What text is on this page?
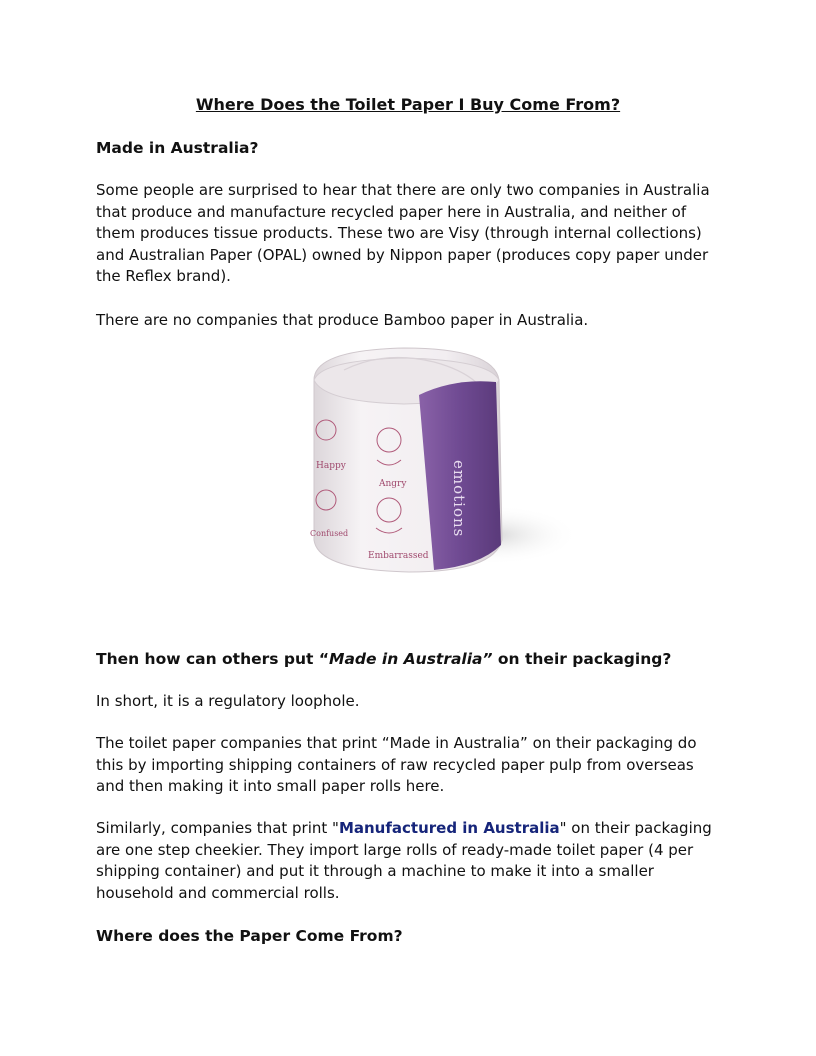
Where Does the Toilet Paper I Buy Come From?
Made in Australia?

Some people are surprised to hear that there are only two companies in Australia that produce and manufacture recycled paper here in Australia, and neither of them produces tissue products. These two are Visy (through internal collections) and Australian Paper (OPAL) owned by Nippon paper (produces copy paper under the Reflex brand).

There are no companies that produce Bamboo paper in Australia.

emotions
Happy
Angry
Embarrassed
Confused
Then how can others put “Made in Australia” on their packaging?

In short, it is a regulatory loophole.

The toilet paper companies that print “Made in Australia” on their packaging do this by importing shipping containers of raw recycled paper pulp from overseas and then making it into small paper rolls here.

Similarly, companies that print "Manufactured in Australia" on their packaging are one step cheekier. They import large rolls of ready-made toilet paper (4 per shipping container) and put it through a machine to make it into a smaller household and commercial rolls.

Where does the Paper Come From?
